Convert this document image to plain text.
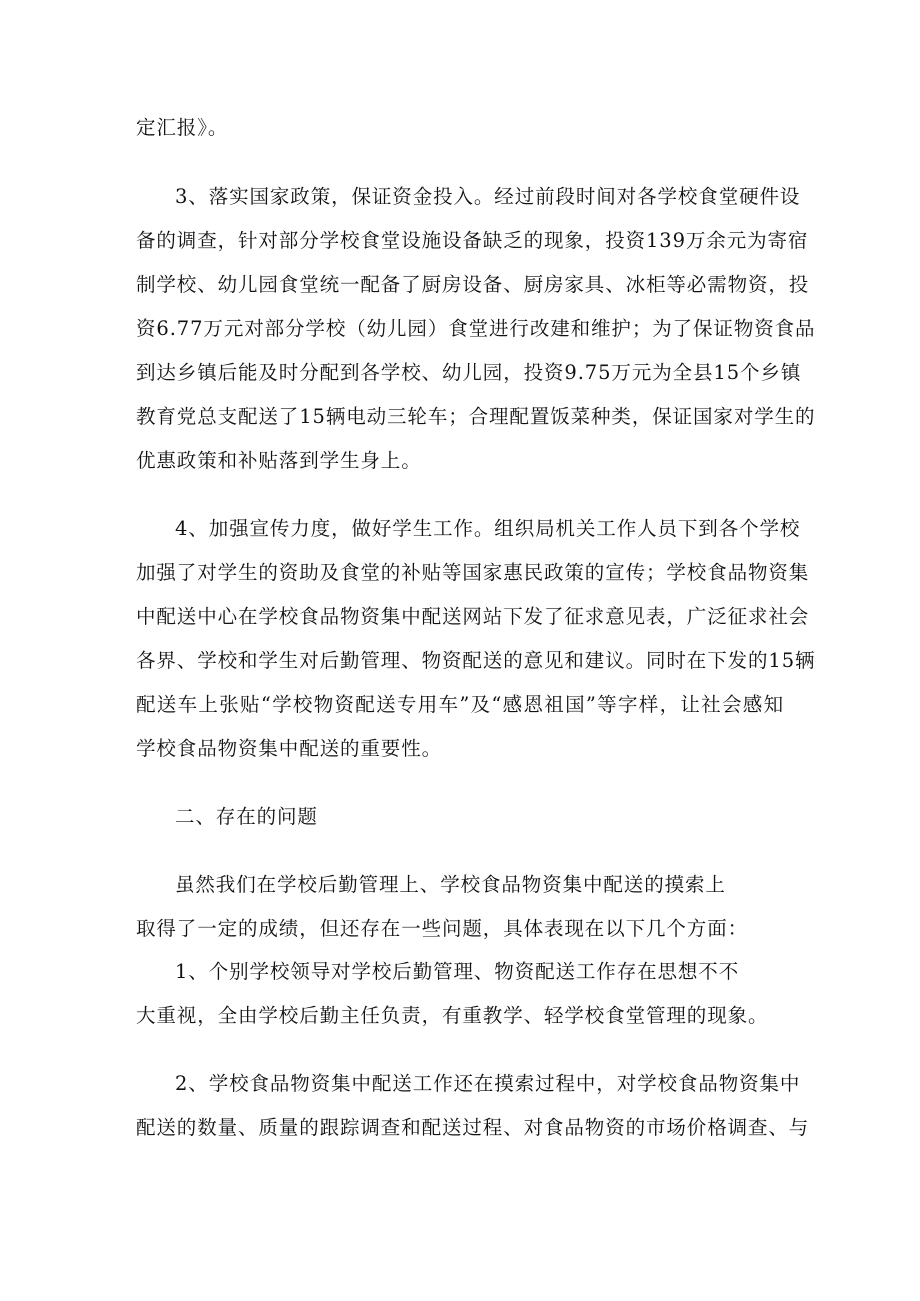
定汇报》。
3、落实国家政策，保证资金投入。经过前段时间对各学校食堂硬件设
备的调查，针对部分学校食堂设施设备缺乏的现象，投资139万余元为寄宿
制学校、幼儿园食堂统一配备了厨房设备、厨房家具、冰柜等必需物资，投
资6.77万元对部分学校（幼儿园）食堂进行改建和维护；为了保证物资食品
到达乡镇后能及时分配到各学校、幼儿园，投资9.75万元为全县15个乡镇
教育党总支配送了15辆电动三轮车；合理配置饭菜种类，保证国家对学生的
优惠政策和补贴落到学生身上。
4、加强宣传力度，做好学生工作。组织局机关工作人员下到各个学校
加强了对学生的资助及食堂的补贴等国家惠民政策的宣传；学校食品物资集
中配送中心在学校食品物资集中配送网站下发了征求意见表，广泛征求社会
各界、学校和学生对后勤管理、物资配送的意见和建议。同时在下发的15辆
配送车上张贴“学校物资配送专用车”及“感恩祖国”等字样，让社会感知
学校食品物资集中配送的重要性。
二、存在的问题
虽然我们在学校后勤管理上、学校食品物资集中配送的摸索上
取得了一定的成绩，但还存在一些问题，具体表现在以下几个方面：
1、个别学校领导对学校后勤管理、物资配送工作存在思想不不
大重视，全由学校后勤主任负责，有重教学、轻学校食堂管理的现象。
2、学校食品物资集中配送工作还在摸索过程中，对学校食品物资集中
配送的数量、质量的跟踪调查和配送过程、对食品物资的市场价格调查、与
